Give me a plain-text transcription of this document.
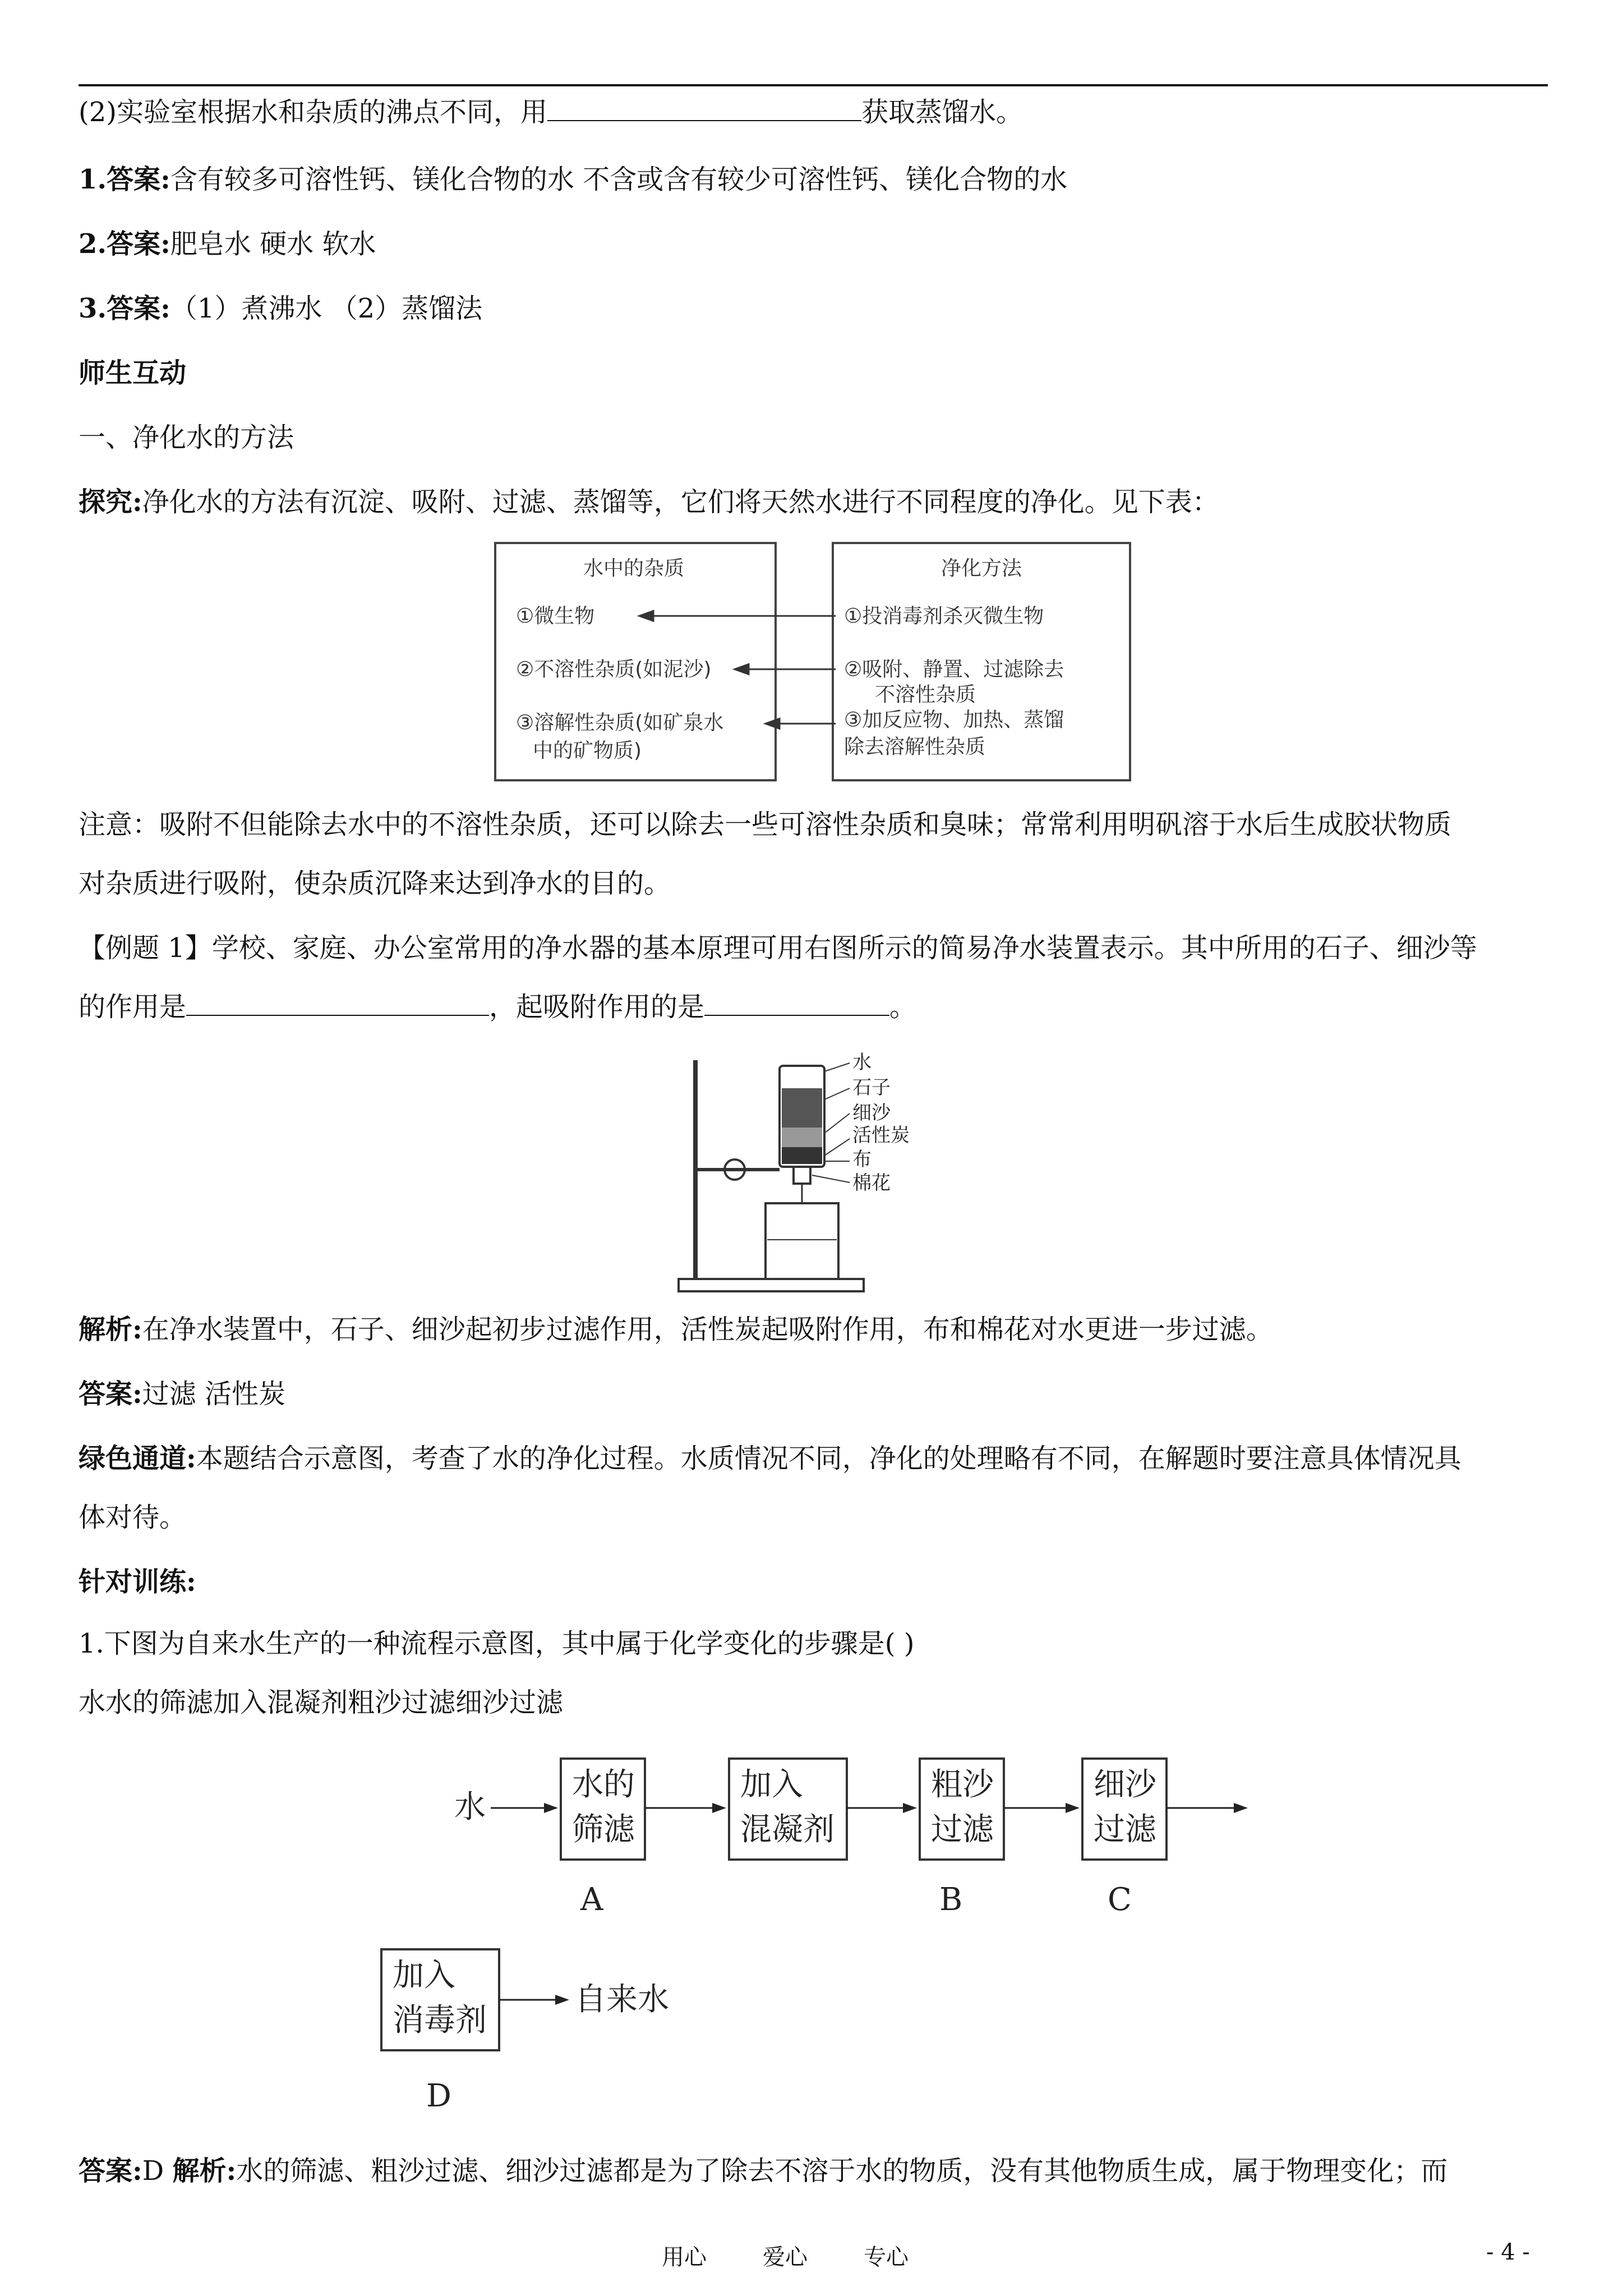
(2)实验室根据水和杂质的沸点不同，用	获取蒸馏水。
1.答案:含有较多可溶性钙、镁化合物的水 不含或含有较少可溶性钙、镁化合物的水
2.答案:肥皂水 硬水 软水
3.答案:（1）煮沸水 （2）蒸馏法
师生互动
一、净化水的方法
探究:净化水的方法有沉淀、吸附、过滤、蒸馏等，它们将天然水进行不同程度的净化。见下表：
水中的杂质
①微生物
②不溶性杂质(如泥沙)
③溶解性杂质(如矿泉水
中的矿物质)
净化方法
①投消毒剂杀灭微生物
②吸附、静置、过滤除去
不溶性杂质
③加反应物、加热、蒸馏
除去溶解性杂质
注意：吸附不但能除去水中的不溶性杂质，还可以除去一些可溶性杂质和臭味；常常利用明矾溶于水后生成胶状物质
对杂质进行吸附，使杂质沉降来达到净水的目的。
【例题 1】学校、家庭、办公室常用的净水器的基本原理可用右图所示的简易净水装置表示。其中所用的石子、细沙等
的作用是	，起吸附作用的是	。
水
石子
细沙
活性炭
布
棉花
解析:在净水装置中，石子、细沙起初步过滤作用，活性炭起吸附作用，布和棉花对水更进一步过滤。
答案:过滤 活性炭
绿色通道:本题结合示意图，考查了水的净化过程。水质情况不同，净化的处理略有不同，在解题时要注意具体情况具
体对待。
针对训练:
1.下图为自来水生产的一种流程示意图，其中属于化学变化的步骤是( )
水水的筛滤加入混凝剂粗沙过滤细沙过滤
水
水的
筛滤
加入
混凝剂
粗沙
过滤
细沙
过滤
A	B	C
加入
消毒剂
自来水
D
答案:D 解析:水的筛滤、粗沙过滤、细沙过滤都是为了除去不溶于水的物质，没有其他物质生成，属于物理变化；而
用心	爱心	专心	- 4 -
